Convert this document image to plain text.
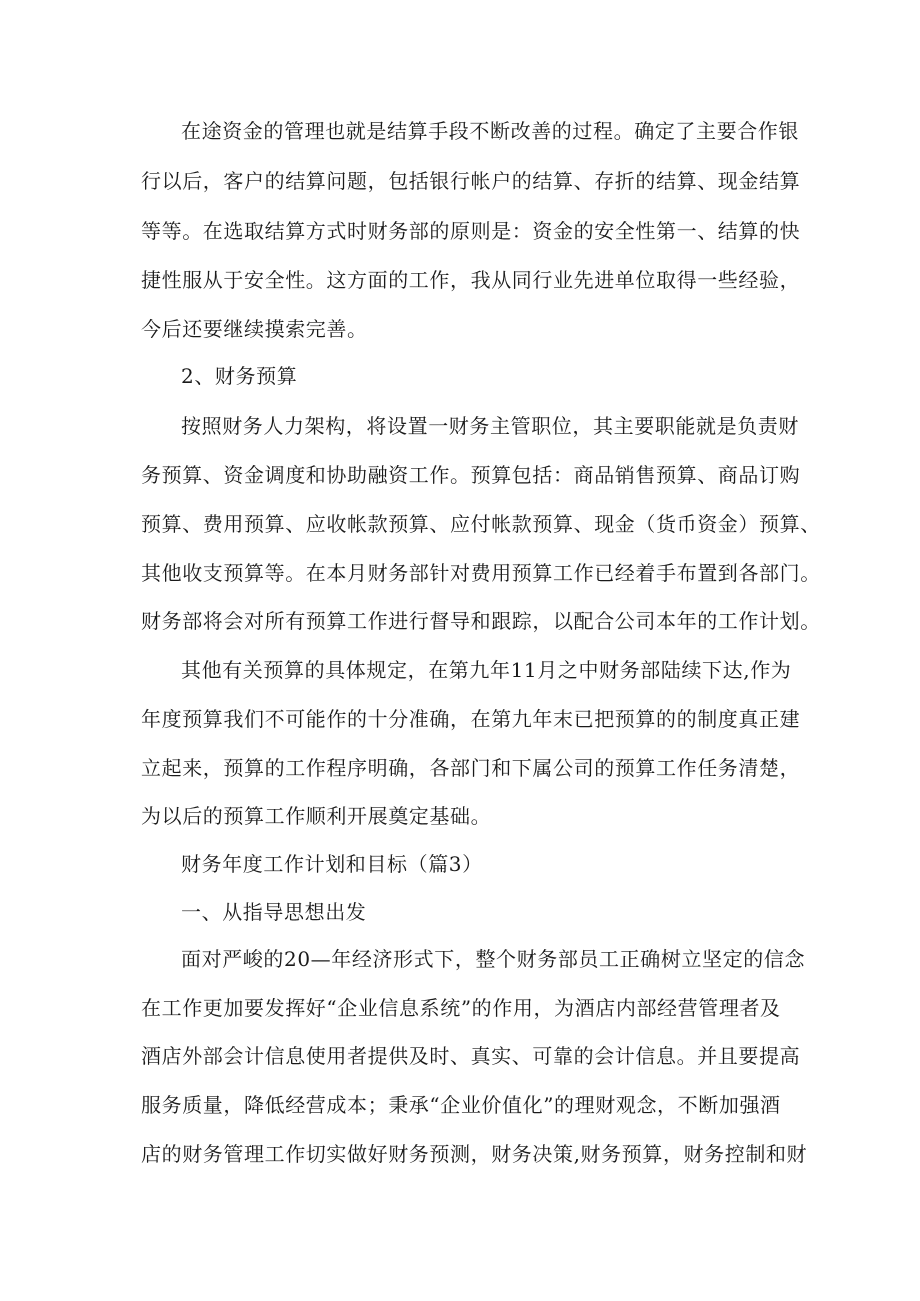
在途资金的管理也就是结算手段不断改善的过程。确定了主要合作银
行以后，客户的结算问题，包括银行帐户的结算、存折的结算、现金结算
等等。在选取结算方式时财务部的原则是：资金的安全性第一、结算的快
捷性服从于安全性。这方面的工作，我从同行业先进单位取得一些经验，
今后还要继续摸索完善。
2、财务预算
按照财务人力架构，将设置一财务主管职位，其主要职能就是负责财
务预算、资金调度和协助融资工作。预算包括：商品销售预算、商品订购
预算、费用预算、应收帐款预算、应付帐款预算、现金（货币资金）预算、
其他收支预算等。在本月财务部针对费用预算工作已经着手布置到各部门。
财务部将会对所有预算工作进行督导和跟踪，以配合公司本年的工作计划。
其他有关预算的具体规定，在第九年11月之中财务部陆续下达,作为
年度预算我们不可能作的十分准确，在第九年末已把预算的的制度真正建
立起来，预算的工作程序明确，各部门和下属公司的预算工作任务清楚，
为以后的预算工作顺利开展奠定基础。
财务年度工作计划和目标（篇3）
一、从指导思想出发
面对严峻的20—年经济形式下，整个财务部员工正确树立坚定的信念
在工作更加要发挥好“企业信息系统”的作用，为酒店内部经营管理者及
酒店外部会计信息使用者提供及时、真实、可靠的会计信息。并且要提高
服务质量，降低经营成本；秉承“企业价值化”的理财观念，不断加强酒
店的财务管理工作切实做好财务预测，财务决策,财务预算，财务控制和财
